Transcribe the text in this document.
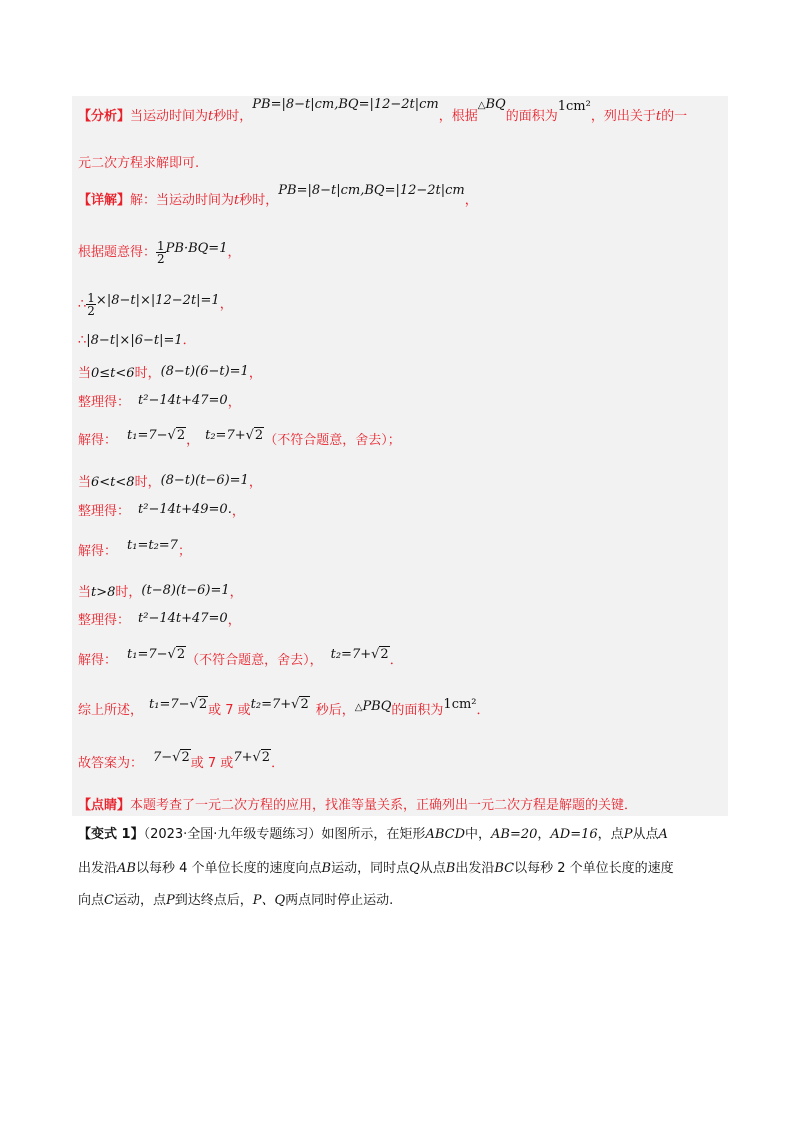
【分析】当运动时间为t秒时，PB=|8−t|cm,BQ=|12−2t|cm，根据△BQ的面积为1cm²，列出关于t的一
元二次方程求解即可.
【详解】解：当运动时间为t秒时，PB=|8−t|cm,BQ=|12−2t|cm，
根据题意得： $\frac{1}{2} PB\cdot BQ=1$，
∴ $\frac{1}{2} \times|8-t|\times|12-2t|=1$，
∴|8−t|×|6−t|=1．
当0≤t<6时，(8−t)(6−t)=1，
整理得： t²−14t+47=0，
解得： t₁=7−√2， t₂=7+√2（不符合题意，舍去）；
当6<t<8时，(8−t)(t−6)=1，
整理得： t²−14t+49=0.，
解得： t₁=t₂=7；
当t>8时，(t−8)(t−6)=1，
整理得： t²−14t+47=0，
解得： t₁=7−√2（不符合题意，舍去）， t₂=7+√2．
综上所述， t₁=7−√2或 7 或t₂=7+√2 秒后，△PBQ的面积为1cm²．
故答案为： 7−√2或 7 或7+√2．
【点睛】本题考查了一元二次方程的应用，找准等量关系，正确列出一元二次方程是解题的关键．
【变式 1】（2023·全国·九年级专题练习）如图所示，在矩形ABCD中，AB=20，AD=16，点P从点A
出发沿AB以每秒 4 个单位长度的速度向点B运动，同时点Q从点B出发沿BC以每秒 2 个单位长度的速度
向点C运动，点P到达终点后，P、Q两点同时停止运动.
